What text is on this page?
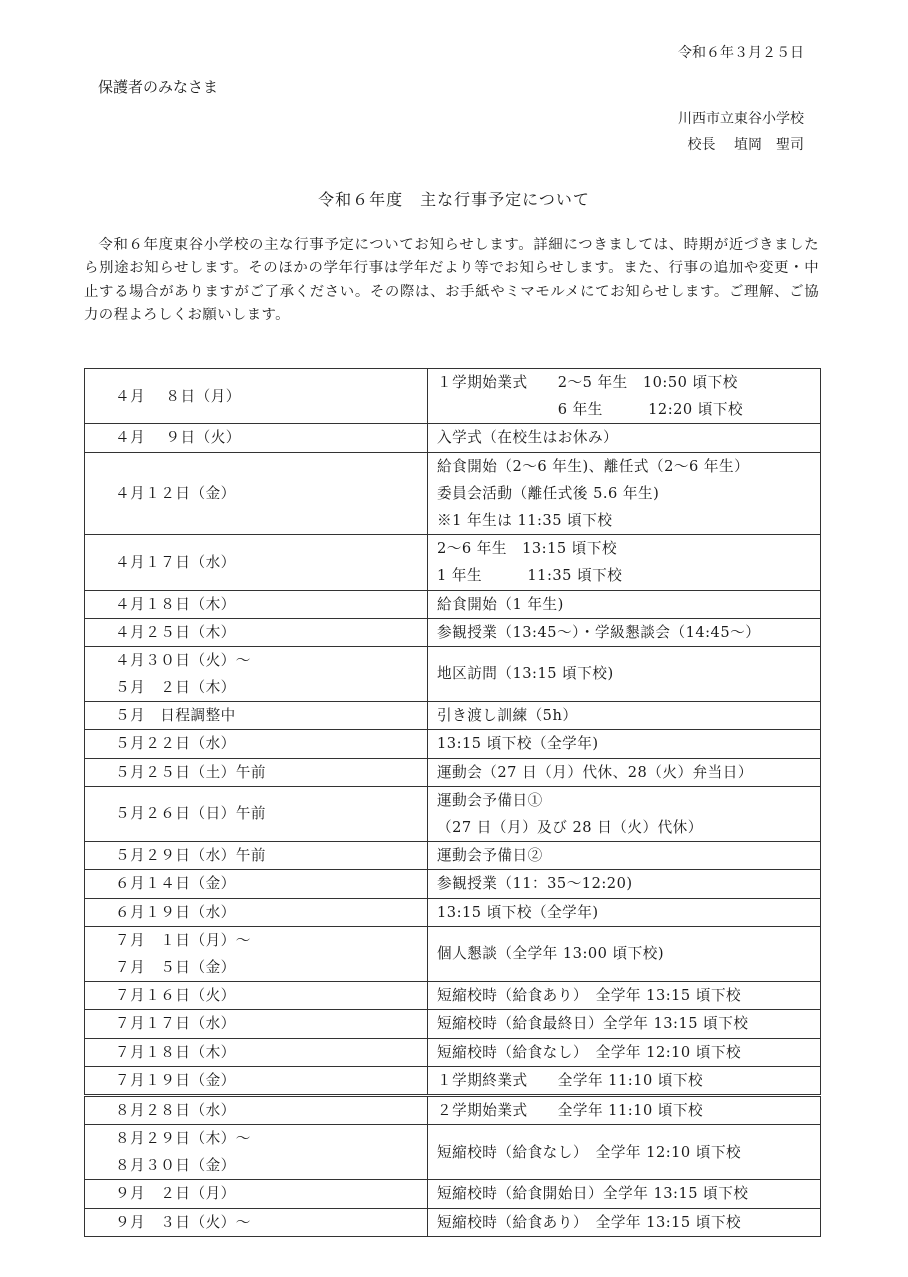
令和６年３月２５日
保護者のみなさま
川西市立東谷小学校
校長　 埴岡　聖司
令和６年度　主な行事予定について
令和６年度東谷小学校の主な行事予定についてお知らせします。詳細につきましては、時期が近づきましたら別途お知らせします。そのほかの学年行事は学年だより等でお知らせします。また、行事の追加や変更・中止する場合がありますがご了承ください。その際は、お手紙やミマモルメにてお知らせします。ご理解、ご協力の程よろしくお願いします。
４月　 ８日（月）	１学期始業式　　2〜5 年生　10:50 頃下校
　　　　　　　　6 年生　　　12:20 頃下校

４月　 ９日（火）	入学式（在校生はお休み）

４月１２日（金）	給食開始（2〜6 年生)、離任式（2〜6 年生）
委員会活動（離任式後 5.6 年生)
※1 年生は 11:35 頃下校

４月１７日（水）	2〜6 年生　13:15 頃下校
1 年生　　　11:35 頃下校

４月１８日（木）	給食開始（1 年生)

４月２５日（木）	参観授業（13:45〜）・学級懇談会（14:45〜）

４月３０日（火）〜
５月　２日（木）	地区訪問（13:15 頃下校)

５月　日程調整中	引き渡し訓練（5h）

５月２２日（水）	13:15 頃下校（全学年)

５月２５日（土）午前	運動会（27 日（月）代休、28（火）弁当日）

５月２６日（日）午前	運動会予備日①
（27 日（月）及び 28 日（火）代休）

５月２９日（水）午前	運動会予備日②

６月１４日（金）	参観授業（11：35〜12:20)

６月１９日（水）	13:15 頃下校（全学年)

７月　１日（月）〜
７月　５日（金）	個人懇談（全学年 13:00 頃下校)

７月１６日（火）	短縮校時（給食あり）　全学年 13:15 頃下校

７月１７日（水）	短縮校時（給食最終日）全学年 13:15 頃下校

７月１８日（木）	短縮校時（給食なし）　全学年 12:10 頃下校

７月１９日（金）	１学期終業式　　全学年 11:10 頃下校

８月２８日（水）	２学期始業式　　全学年 11:10 頃下校

８月２９日（木）〜
８月３０日（金）	短縮校時（給食なし）　全学年 12:10 頃下校

９月　２日（月）	短縮校時（給食開始日）全学年 13:15 頃下校

９月　３日（火）〜	短縮校時（給食あり）　全学年 13:15 頃下校
